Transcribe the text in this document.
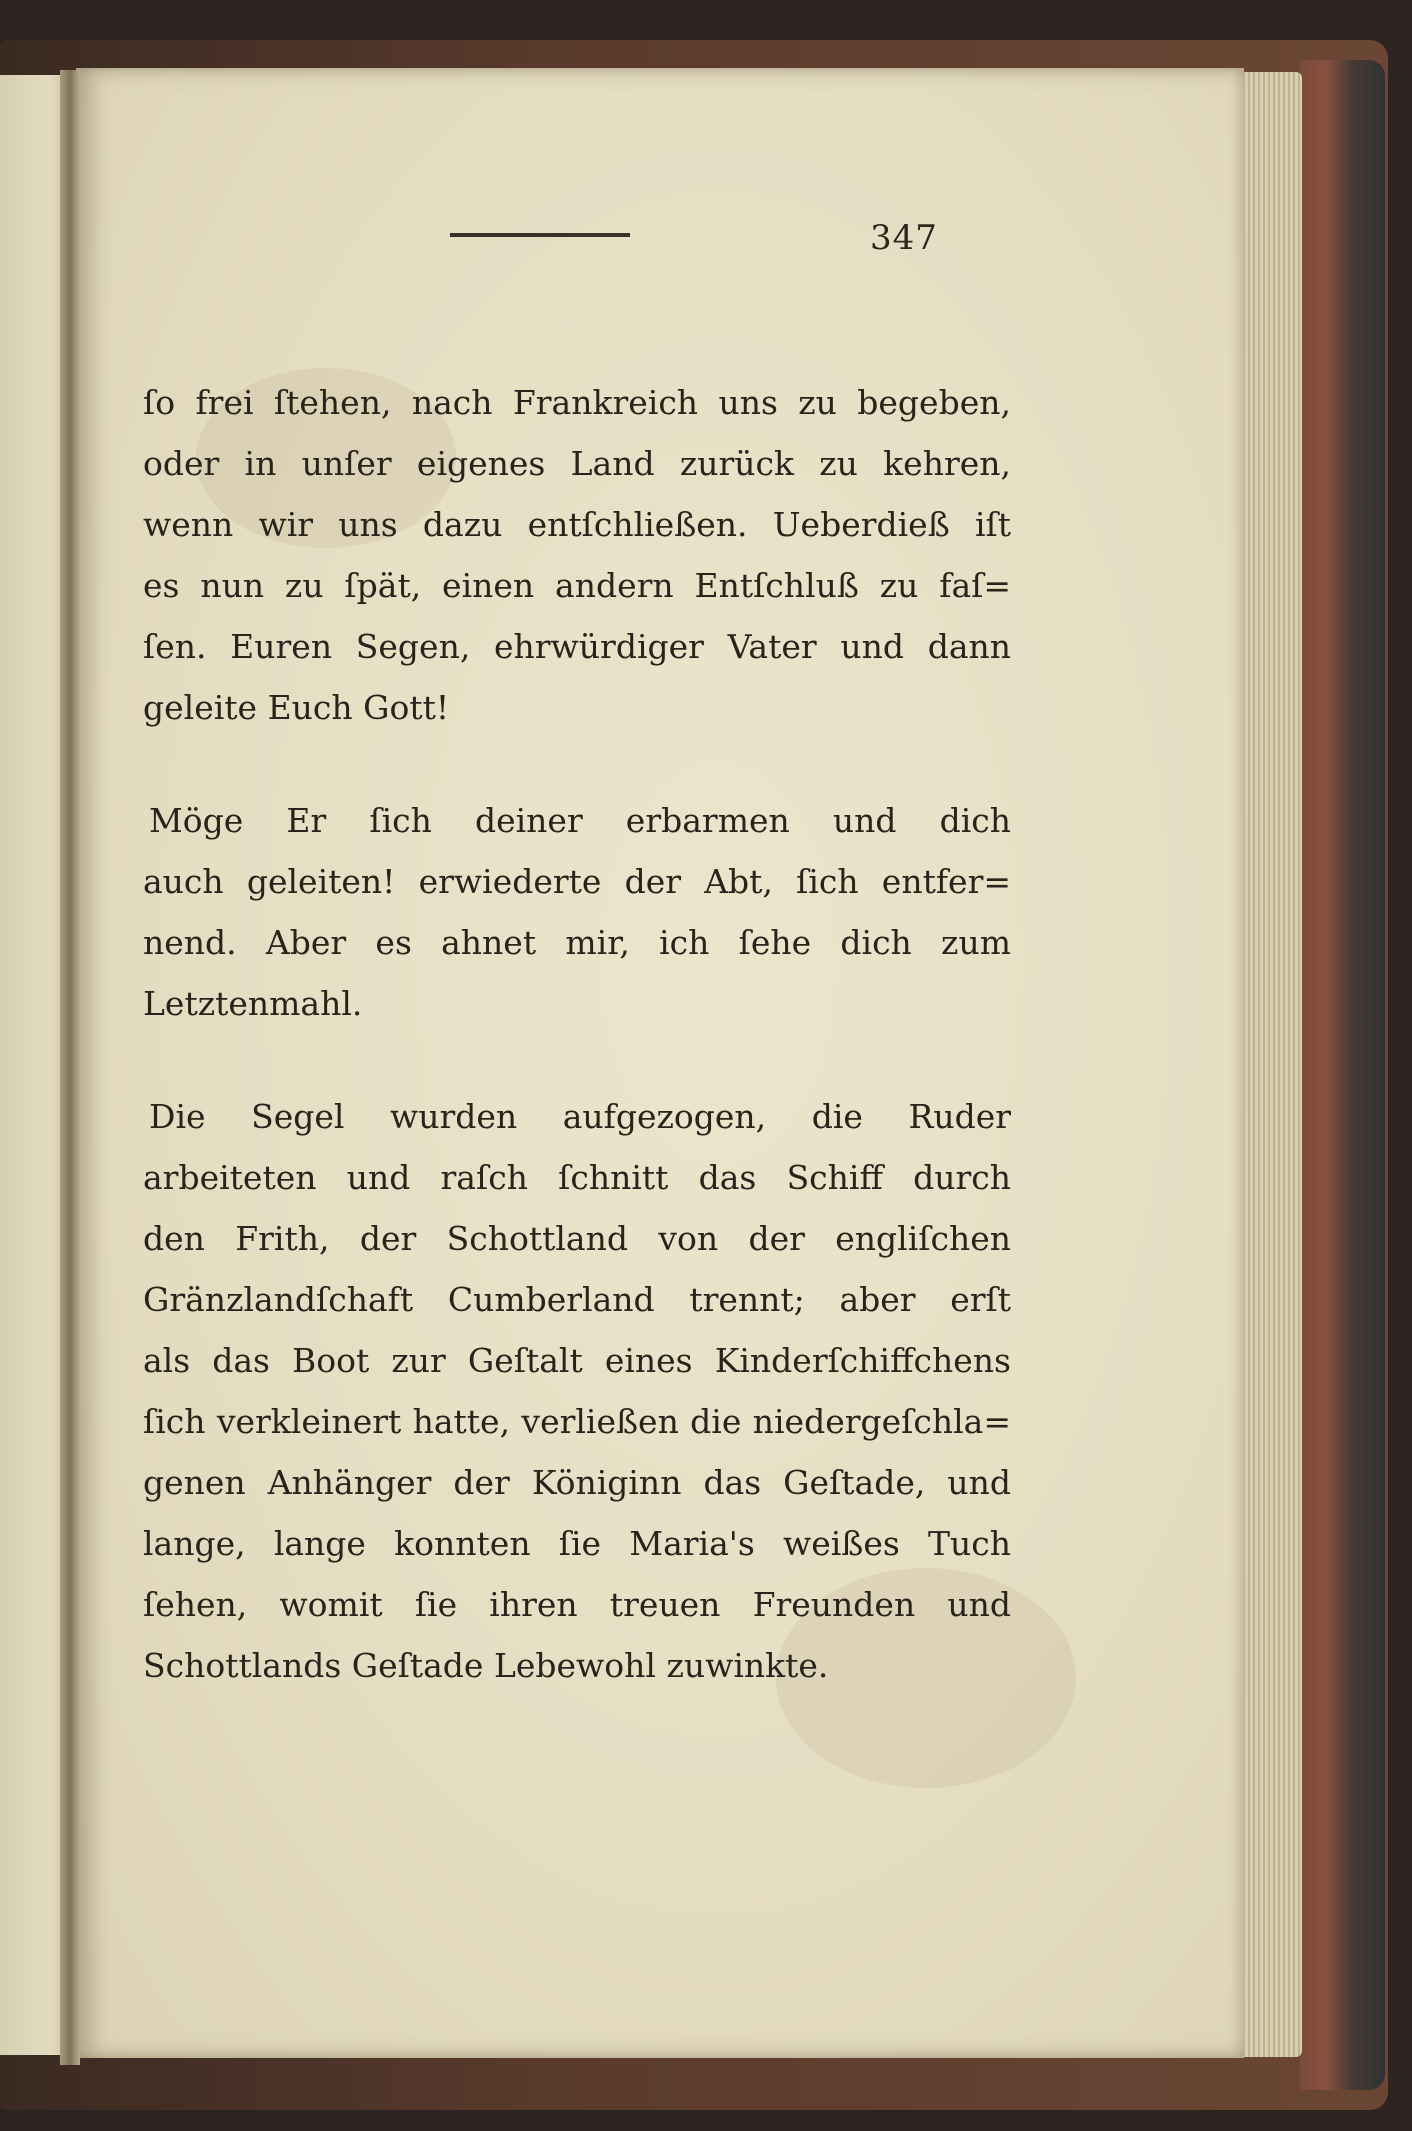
347
ſo frei ſtehen, nach Frankreich uns zu begeben,
oder in unſer eigenes Land zurück zu kehren,
wenn wir uns dazu entſchließen. Ueberdieß iſt
es nun zu ſpät, einen andern Entſchluß zu faſ=
ſen. Euren Segen, ehrwürdiger Vater und dann
geleite Euch Gott!
Möge Er ſich deiner erbarmen und dich
auch geleiten! erwiederte der Abt, ſich entfer=
nend. Aber es ahnet mir, ich ſehe dich zum
Letztenmahl.
Die Segel wurden aufgezogen, die Ruder
arbeiteten und raſch ſchnitt das Schiff durch
den Frith, der Schottland von der engliſchen
Gränzlandſchaft Cumberland trennt; aber erſt
als das Boot zur Geſtalt eines Kinderſchiffchens
ſich verkleinert hatte, verließen die niedergeſchla=
genen Anhänger der Königinn das Geſtade, und
lange, lange konnten ſie Maria's weißes Tuch
ſehen, womit ſie ihren treuen Freunden und
Schottlands Geſtade Lebewohl zuwinkte.
